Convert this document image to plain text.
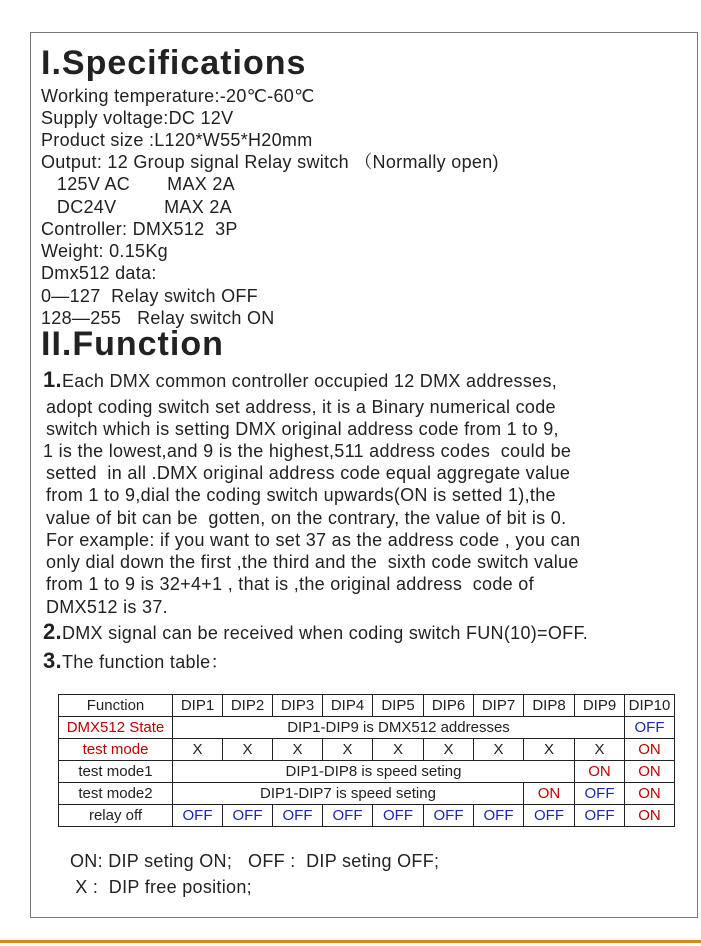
I.Specifications
Working temperature:-20℃-60℃
Supply voltage:DC 12V
Product size :L120*W55*H20mm
Output: 12 Group signal Relay switch （Normally open)
125V AC       MAX 2A
DC24V         MAX 2A
Controller: DMX512  3P
Weight: 0.15Kg
Dmx512 data:
0—127  Relay switch OFF
128—255   Relay switch ON
II.Function
1.Each DMX common controller occupied 12 DMX addresses,
adopt coding switch set address, it is a Binary numerical code
switch which is setting DMX original address code from 1 to 9,
1 is the lowest,and 9 is the highest,511 address codes  could be
setted  in all .DMX original address code equal aggregate value
from 1 to 9,dial the coding switch upwards(ON is setted 1),the
value of bit can be  gotten, on the contrary, the value of bit is 0.
For example: if you want to set 37 as the address code , you can
only dial down the first ,the third and the  sixth code switch value
from 1 to 9 is 32+4+1 , that is ,the original address  code of
DMX512 is 37.
2.DMX signal can be received when coding switch FUN(10)=OFF.
3.The function table：
Function	DIP1	DIP2	DIP3	DIP4	DIP5	DIP6	DIP7	DIP8	DIP9	DIP10
DMX512 State	DIP1-DIP9 is DMX512 addresses									OFF
test mode	X	X	X	X	X	X	X	X	X	ON
test mode1	DIP1-DIP8 is speed seting								ON	ON
test mode2	DIP1-DIP7 is speed seting							ON	OFF	ON
relay off	OFF	OFF	OFF	OFF	OFF	OFF	OFF	OFF	OFF	ON
ON: DIP seting ON;   OFF :  DIP seting OFF;
X :  DIP free position;
